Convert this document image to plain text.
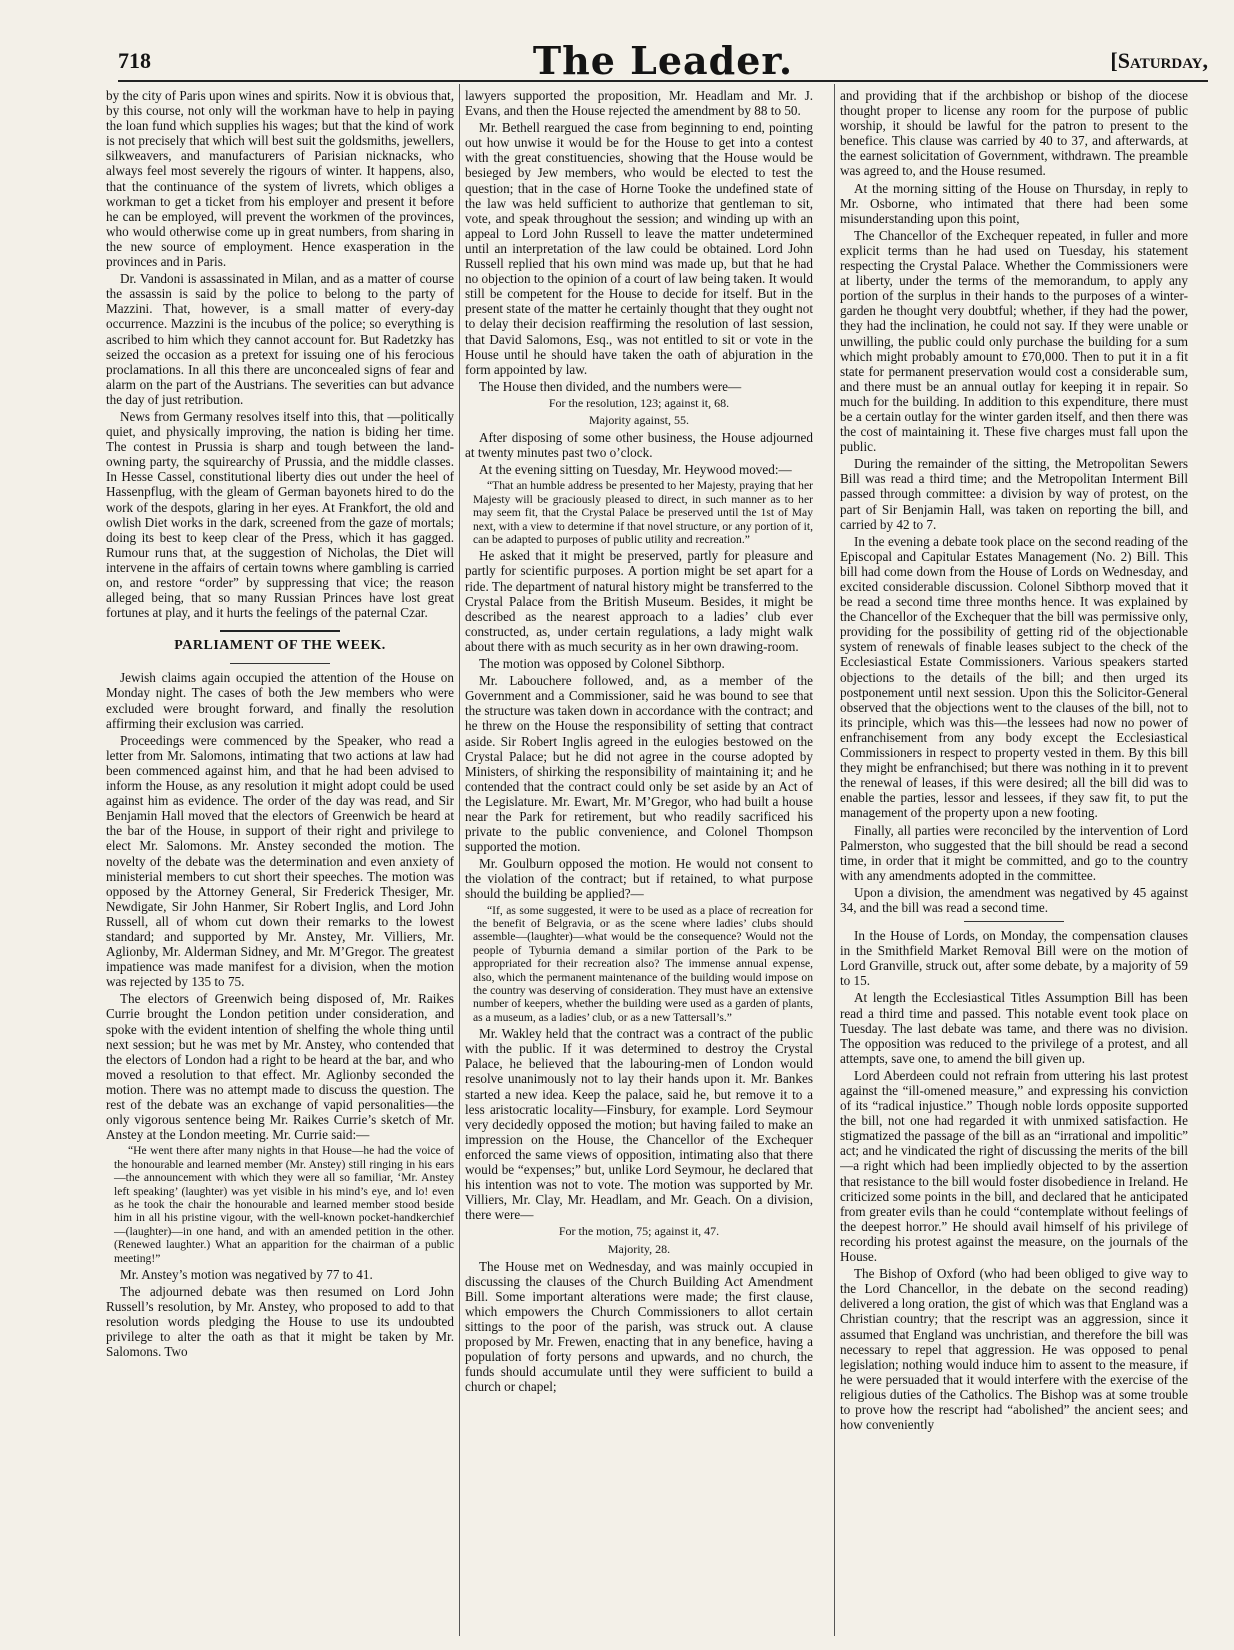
718	The Leader.	[Saturday,

by the city of Paris upon wines and spirits. Now it is obvious that, by this course, not only will the workman have to help in paying the loan fund which supplies his wages; but that the kind of work is not precisely that which will best suit the goldsmiths, jewellers, silkweavers, and manufacturers of Parisian nicknacks, who always feel most severely the rigours of winter. It happens, also, that the continuance of the system of livrets, which obliges a workman to get a ticket from his employer and present it before he can be employed, will prevent the workmen of the provinces, who would otherwise come up in great numbers, from sharing in the new source of employment. Hence exasperation in the provinces and in Paris.

Dr. Vandoni is assassinated in Milan, and as a matter of course the assassin is said by the police to belong to the party of Mazzini. That, however, is a small matter of every-day occurrence. Mazzini is the incubus of the police; so everything is ascribed to him which they cannot account for. But Radetzky has seized the occasion as a pretext for issuing one of his ferocious proclamations. In all this there are unconcealed signs of fear and alarm on the part of the Austrians. The severities can but advance the day of just retribution.

News from Germany resolves itself into this, that —politically quiet, and physically improving, the nation is biding her time. The contest in Prussia is sharp and tough between the land-owning party, the squirearchy of Prussia, and the middle classes. In Hesse Cassel, constitutional liberty dies out under the heel of Hassenpflug, with the gleam of German bayonets hired to do the work of the despots, glaring in her eyes. At Frankfort, the old and owlish Diet works in the dark, screened from the gaze of mortals; doing its best to keep clear of the Press, which it has gagged. Rumour runs that, at the suggestion of Nicholas, the Diet will intervene in the affairs of certain towns where gambling is carried on, and restore “order” by suppressing that vice; the reason alleged being, that so many Russian Princes have lost great fortunes at play, and it hurts the feelings of the paternal Czar.

PARLIAMENT OF THE WEEK.

Jewish claims again occupied the attention of the House on Monday night. The cases of both the Jew members who were excluded were brought forward, and finally the resolution affirming their exclusion was carried.

Proceedings were commenced by the Speaker, who read a letter from Mr. Salomons, intimating that two actions at law had been commenced against him, and that he had been advised to inform the House, as any resolution it might adopt could be used against him as evidence. The order of the day was read, and Sir Benjamin Hall moved that the electors of Greenwich be heard at the bar of the House, in support of their right and privilege to elect Mr. Salomons. Mr. Anstey seconded the motion. The novelty of the debate was the determination and even anxiety of ministerial members to cut short their speeches. The motion was opposed by the Attorney General, Sir Frederick Thesiger, Mr. Newdigate, Sir John Hanmer, Sir Robert Inglis, and Lord John Russell, all of whom cut down their remarks to the lowest standard; and supported by Mr. Anstey, Mr. Villiers, Mr. Aglionby, Mr. Alderman Sidney, and Mr. M’Gregor. The greatest impatience was made manifest for a division, when the motion was rejected by 135 to 75.

The electors of Greenwich being disposed of, Mr. Raikes Currie brought the London petition under consideration, and spoke with the evident intention of shelfing the whole thing until next session; but he was met by Mr. Anstey, who contended that the electors of London had a right to be heard at the bar, and who moved a resolution to that effect. Mr. Aglionby seconded the motion. There was no attempt made to discuss the question. The rest of the debate was an exchange of vapid personalities—the only vigorous sentence being Mr. Raikes Currie’s sketch of Mr. Anstey at the London meeting. Mr. Currie said:—

“He went there after many nights in that House—he had the voice of the honourable and learned member (Mr. Anstey) still ringing in his ears—the announcement with which they were all so familiar, ‘Mr. Anstey left speaking’ (laughter) was yet visible in his mind’s eye, and lo! even as he took the chair the honourable and learned member stood beside him in all his pristine vigour, with the well-known pocket-handkerchief—(laughter)—in one hand, and with an amended petition in the other. (Renewed laughter.) What an apparition for the chairman of a public meeting!”

Mr. Anstey’s motion was negatived by 77 to 41.

The adjourned debate was then resumed on Lord John Russell’s resolution, by Mr. Anstey, who proposed to add to that resolution words pledging the House to use its undoubted privilege to alter the oath as that it might be taken by Mr. Salomons. Two

lawyers supported the proposition, Mr. Headlam and Mr. J. Evans, and then the House rejected the amendment by 88 to 50.

Mr. Bethell reargued the case from beginning to end, pointing out how unwise it would be for the House to get into a contest with the great constituencies, showing that the House would be besieged by Jew members, who would be elected to test the question; that in the case of Horne Tooke the undefined state of the law was held sufficient to authorize that gentleman to sit, vote, and speak throughout the session; and winding up with an appeal to Lord John Russell to leave the matter undetermined until an interpretation of the law could be obtained. Lord John Russell replied that his own mind was made up, but that he had no objection to the opinion of a court of law being taken. It would still be competent for the House to decide for itself. But in the present state of the matter he certainly thought that they ought not to delay their decision reaffirming the resolution of last session, that David Salomons, Esq., was not entitled to sit or vote in the House until he should have taken the oath of abjuration in the form appointed by law.

The House then divided, and the numbers were—

For the resolution, 123; against it, 68.

Majority against, 55.

After disposing of some other business, the House adjourned at twenty minutes past two o’clock.

At the evening sitting on Tuesday, Mr. Heywood moved:—

“That an humble address be presented to her Majesty, praying that her Majesty will be graciously pleased to direct, in such manner as to her may seem fit, that the Crystal Palace be preserved until the 1st of May next, with a view to determine if that novel structure, or any portion of it, can be adapted to purposes of public utility and recreation.”

He asked that it might be preserved, partly for pleasure and partly for scientific purposes. A portion might be set apart for a ride. The department of natural history might be transferred to the Crystal Palace from the British Museum. Besides, it might be described as the nearest approach to a ladies’ club ever constructed, as, under certain regulations, a lady might walk about there with as much security as in her own drawing-room.

The motion was opposed by Colonel Sibthorp.

Mr. Labouchere followed, and, as a member of the Government and a Commissioner, said he was bound to see that the structure was taken down in accordance with the contract; and he threw on the House the responsibility of setting that contract aside. Sir Robert Inglis agreed in the eulogies bestowed on the Crystal Palace; but he did not agree in the course adopted by Ministers, of shirking the responsibility of maintaining it; and he contended that the contract could only be set aside by an Act of the Legislature. Mr. Ewart, Mr. M’Gregor, who had built a house near the Park for retirement, but who readily sacrificed his private to the public convenience, and Colonel Thompson supported the motion.

Mr. Goulburn opposed the motion. He would not consent to the violation of the contract; but if retained, to what purpose should the building be applied?—

“If, as some suggested, it were to be used as a place of recreation for the benefit of Belgravia, or as the scene where ladies’ clubs should assemble—(laughter)—what would be the consequence? Would not the people of Tyburnia demand a similar portion of the Park to be appropriated for their recreation also? The immense annual expense, also, which the permanent maintenance of the building would impose on the country was deserving of consideration. They must have an extensive number of keepers, whether the building were used as a garden of plants, as a museum, as a ladies’ club, or as a new Tattersall’s.”

Mr. Wakley held that the contract was a contract of the public with the public. If it was determined to destroy the Crystal Palace, he believed that the labouring-men of London would resolve unanimously not to lay their hands upon it. Mr. Bankes started a new idea. Keep the palace, said he, but remove it to a less aristocratic locality—Finsbury, for example. Lord Seymour very decidedly opposed the motion; but having failed to make an impression on the House, the Chancellor of the Exchequer enforced the same views of opposition, intimating also that there would be “expenses;” but, unlike Lord Seymour, he declared that his intention was not to vote. The motion was supported by Mr. Villiers, Mr. Clay, Mr. Headlam, and Mr. Geach. On a division, there were—

For the motion, 75; against it, 47.

Majority, 28.

The House met on Wednesday, and was mainly occupied in discussing the clauses of the Church Building Act Amendment Bill. Some important alterations were made; the first clause, which empowers the Church Commissioners to allot certain sittings to the poor of the parish, was struck out. A clause proposed by Mr. Frewen, enacting that in any benefice, having a population of forty persons and upwards, and no church, the funds should accumulate until they were sufficient to build a church or chapel;

and providing that if the archbishop or bishop of the diocese thought proper to license any room for the purpose of public worship, it should be lawful for the patron to present to the benefice. This clause was carried by 40 to 37, and afterwards, at the earnest solicitation of Government, withdrawn. The preamble was agreed to, and the House resumed.

At the morning sitting of the House on Thursday, in reply to Mr. Osborne, who intimated that there had been some misunderstanding upon this point,

The Chancellor of the Exchequer repeated, in fuller and more explicit terms than he had used on Tuesday, his statement respecting the Crystal Palace. Whether the Commissioners were at liberty, under the terms of the memorandum, to apply any portion of the surplus in their hands to the purposes of a winter-garden he thought very doubtful; whether, if they had the power, they had the inclination, he could not say. If they were unable or unwilling, the public could only purchase the building for a sum which might probably amount to £70,000. Then to put it in a fit state for permanent preservation would cost a considerable sum, and there must be an annual outlay for keeping it in repair. So much for the building. In addition to this expenditure, there must be a certain outlay for the winter garden itself, and then there was the cost of maintaining it. These five charges must fall upon the public.

During the remainder of the sitting, the Metropolitan Sewers Bill was read a third time; and the Metropolitan Interment Bill passed through committee: a division by way of protest, on the part of Sir Benjamin Hall, was taken on reporting the bill, and carried by 42 to 7.

In the evening a debate took place on the second reading of the Episcopal and Capitular Estates Management (No. 2) Bill. This bill had come down from the House of Lords on Wednesday, and excited considerable discussion. Colonel Sibthorp moved that it be read a second time three months hence. It was explained by the Chancellor of the Exchequer that the bill was permissive only, providing for the possibility of getting rid of the objectionable system of renewals of finable leases subject to the check of the Ecclesiastical Estate Commissioners. Various speakers started objections to the details of the bill; and then urged its postponement until next session. Upon this the Solicitor-General observed that the objections went to the clauses of the bill, not to its principle, which was this—the lessees had now no power of enfranchisement from any body except the Ecclesiastical Commissioners in respect to property vested in them. By this bill they might be enfranchised; but there was nothing in it to prevent the renewal of leases, if this were desired; all the bill did was to enable the parties, lessor and lessees, if they saw fit, to put the management of the property upon a new footing.

Finally, all parties were reconciled by the intervention of Lord Palmerston, who suggested that the bill should be read a second time, in order that it might be committed, and go to the country with any amendments adopted in the committee.

Upon a division, the amendment was negatived by 45 against 34, and the bill was read a second time.

In the House of Lords, on Monday, the compensation clauses in the Smithfield Market Removal Bill were on the motion of Lord Granville, struck out, after some debate, by a majority of 59 to 15.

At length the Ecclesiastical Titles Assumption Bill has been read a third time and passed. This notable event took place on Tuesday. The last debate was tame, and there was no division. The opposition was reduced to the privilege of a protest, and all attempts, save one, to amend the bill given up.

Lord Aberdeen could not refrain from uttering his last protest against the “ill-omened measure,” and expressing his conviction of its “radical injustice.” Though noble lords opposite supported the bill, not one had regarded it with unmixed satisfaction. He stigmatized the passage of the bill as an “irrational and impolitic” act; and he vindicated the right of discussing the merits of the bill—a right which had been impliedly objected to by the assertion that resistance to the bill would foster disobedience in Ireland. He criticized some points in the bill, and declared that he anticipated from greater evils than he could “contemplate without feelings of the deepest horror.” He should avail himself of his privilege of recording his protest against the measure, on the journals of the House.

The Bishop of Oxford (who had been obliged to give way to the Lord Chancellor, in the debate on the second reading) delivered a long oration, the gist of which was that England was a Christian country; that the rescript was an aggression, since it assumed that England was unchristian, and therefore the bill was necessary to repel that aggression. He was opposed to penal legislation; nothing would induce him to assent to the measure, if he were persuaded that it would interfere with the exercise of the religious duties of the Catholics. The Bishop was at some trouble to prove how the rescript had “abolished” the ancient sees; and how conveniently
